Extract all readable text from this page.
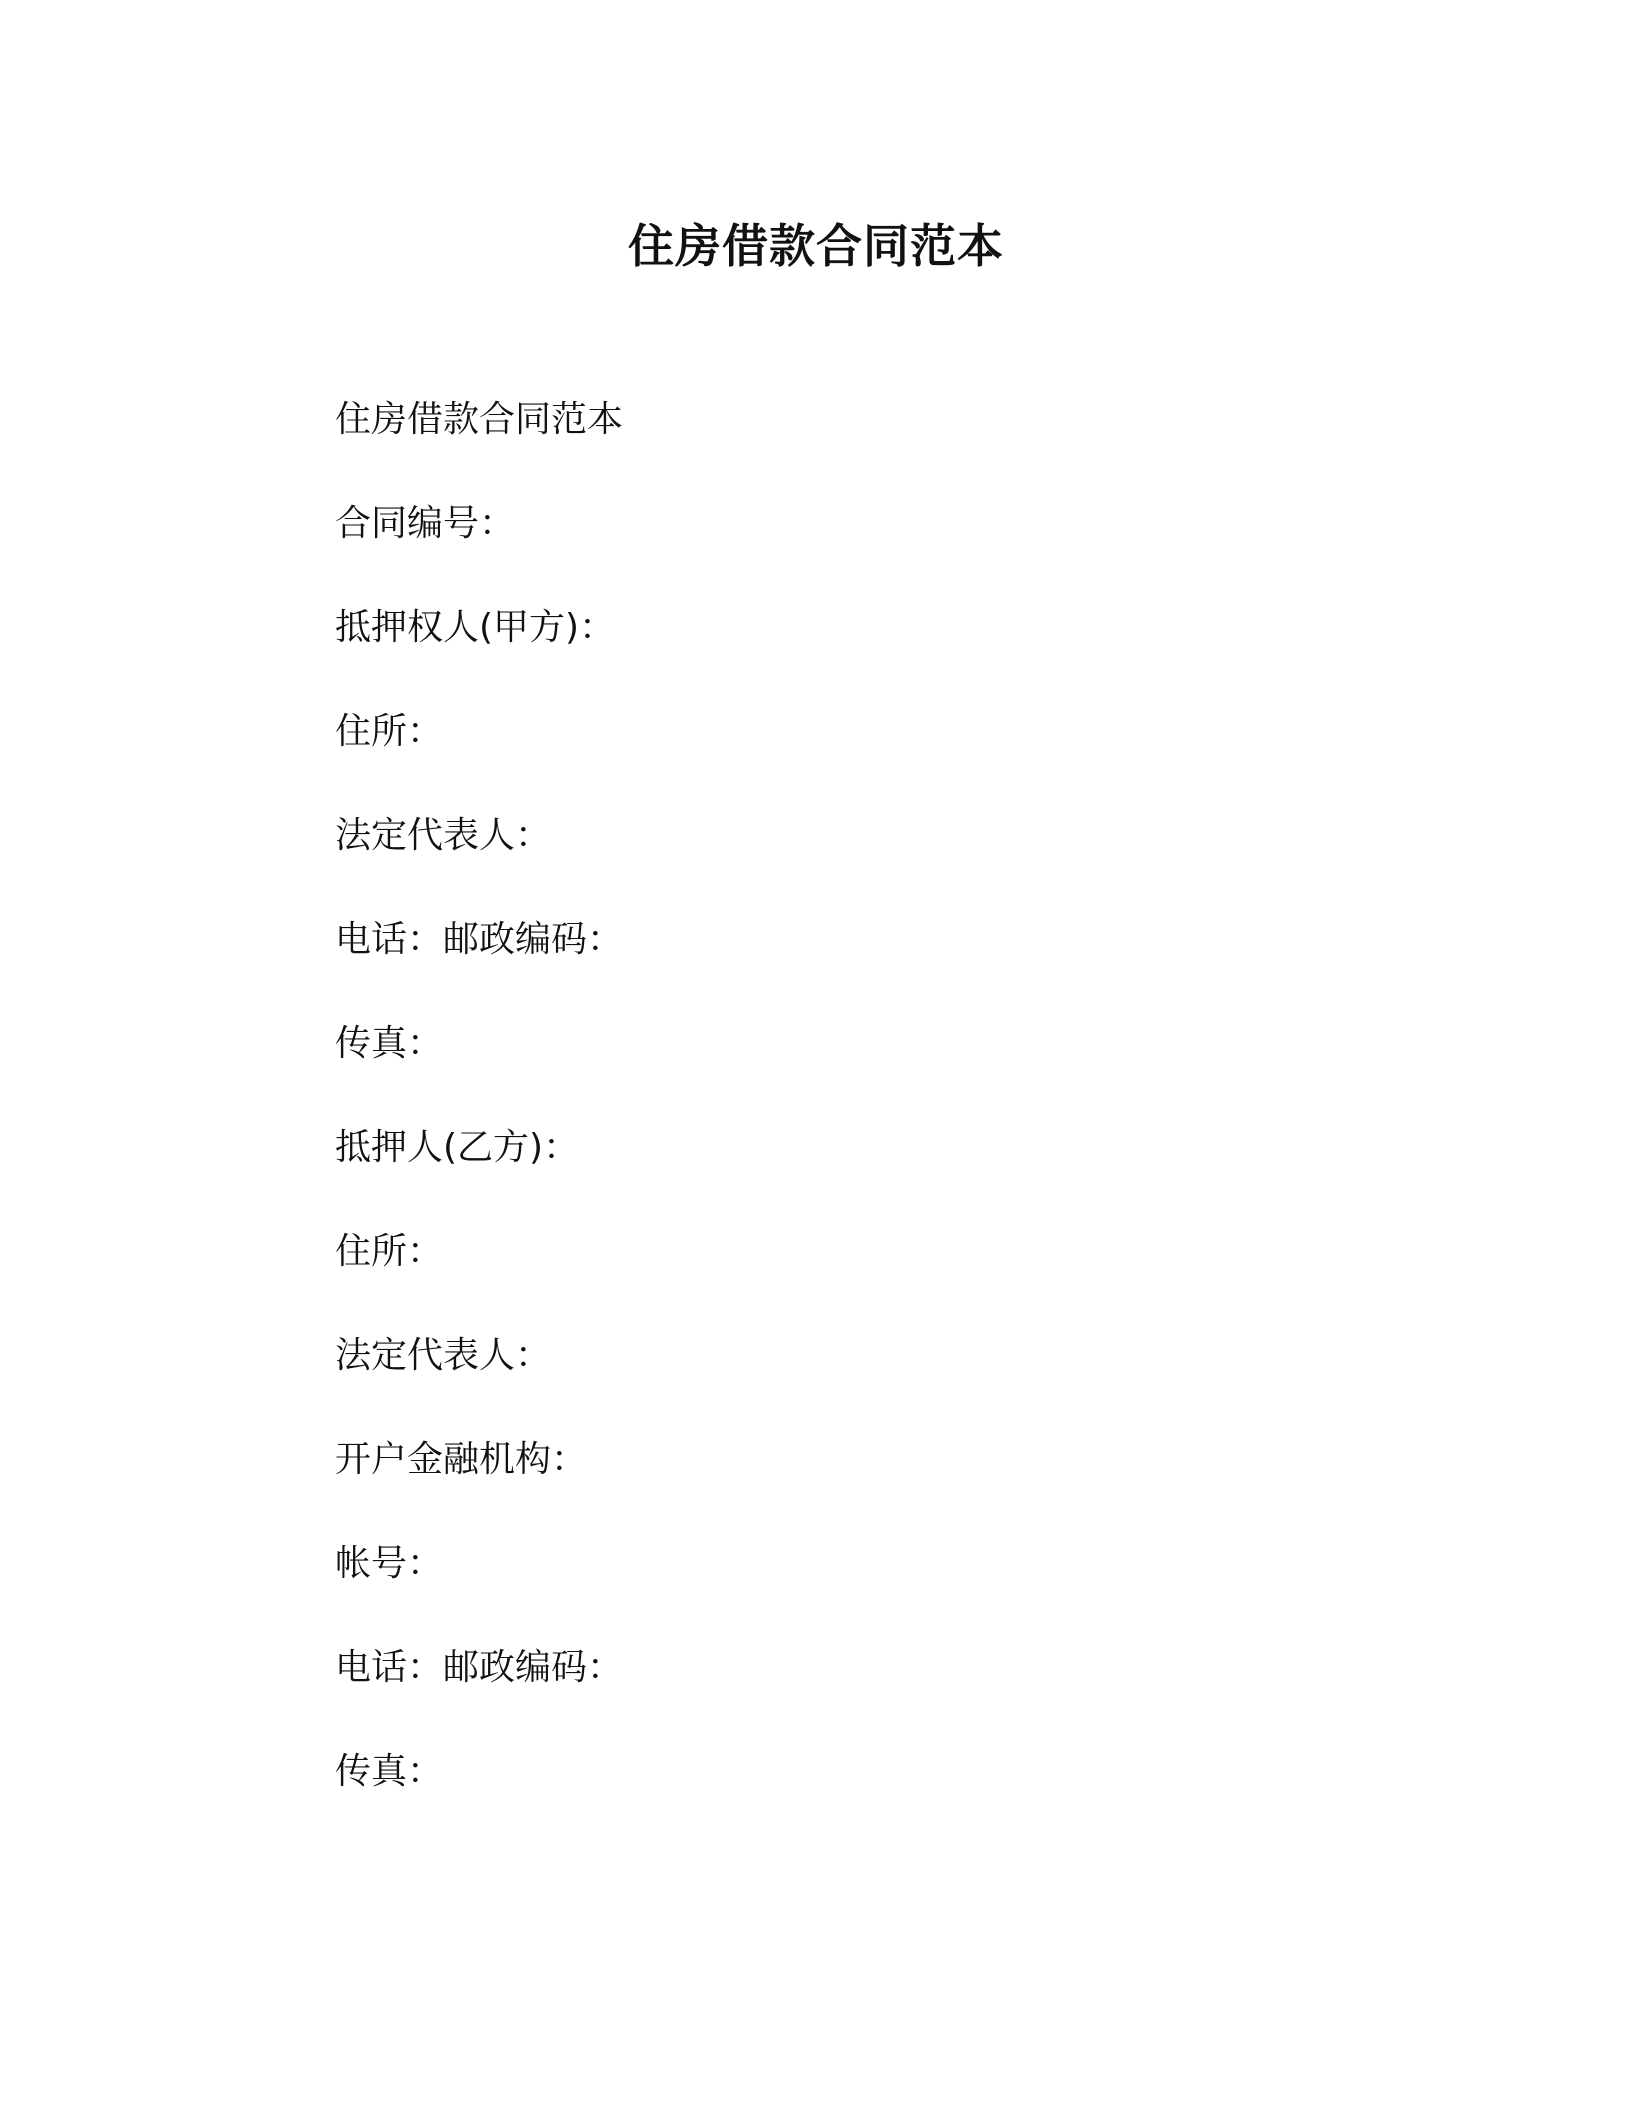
住房借款合同范本
住房借款合同范本
合同编号：
抵押权人(甲方)：
住所：
法定代表人：
电话：邮政编码：
传真：
抵押人(乙方)：
住所：
法定代表人：
开户金融机构：
帐号：
电话：邮政编码：
传真：
